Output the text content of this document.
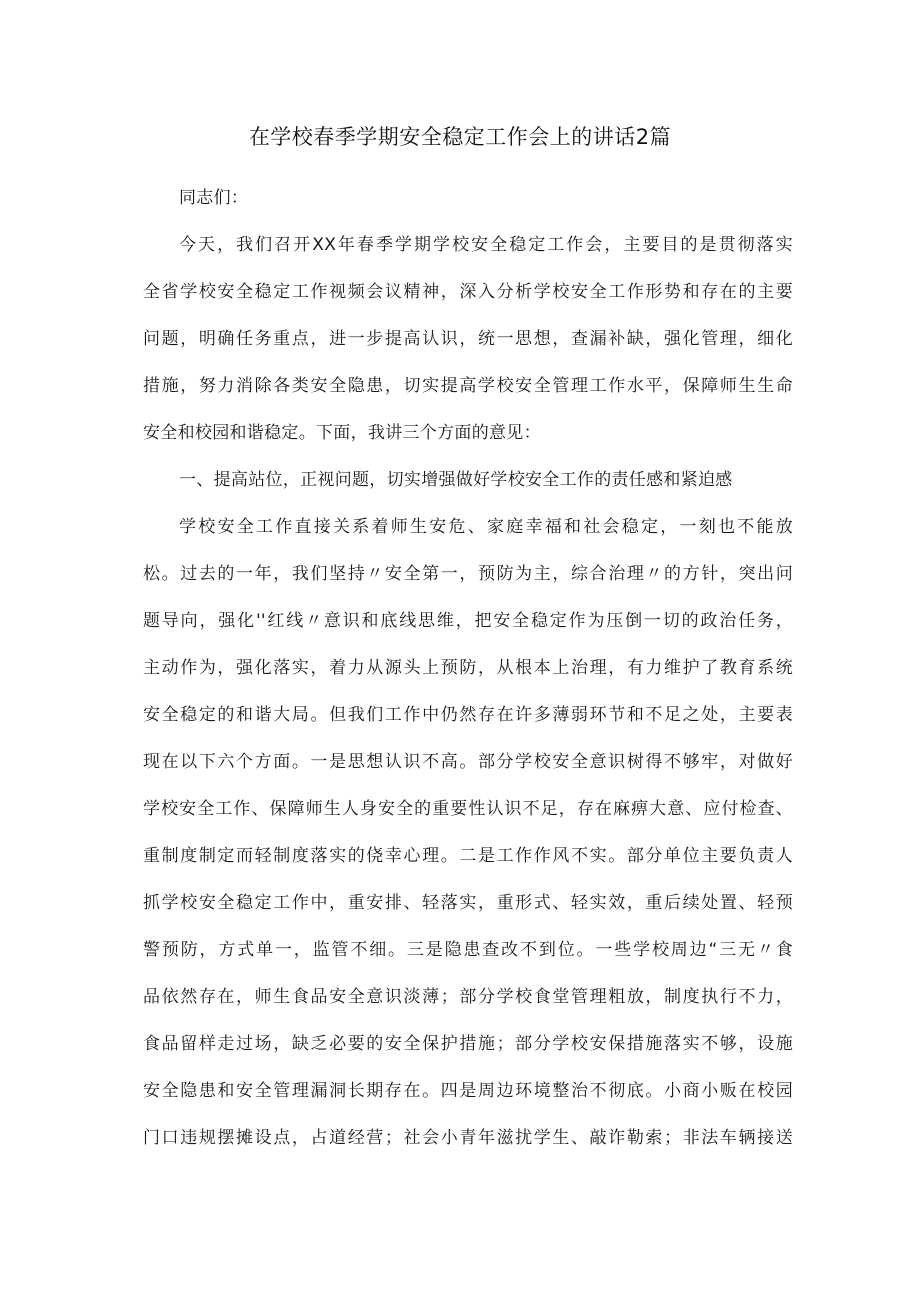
在学校春季学期安全稳定工作会上的讲话2篇
同志们：
今天，我们召开XX年春季学期学校安全稳定工作会，主要目的是贯彻落实
全省学校安全稳定工作视频会议精神，深入分析学校安全工作形势和存在的主要
问题，明确任务重点，进一步提高认识，统一思想，查漏补缺，强化管理，细化
措施，努力消除各类安全隐患，切实提高学校安全管理工作水平，保障师生生命
安全和校园和谐稳定。下面，我讲三个方面的意见：
一、提高站位，正视问题，切实增强做好学校安全工作的责任感和紧迫感
学校安全工作直接关系着师生安危、家庭幸福和社会稳定，一刻也不能放
松。过去的一年，我们坚持〃安全第一，预防为主，综合治理〃的方针，突出问
题导向，强化''红线〃意识和底线思维，把安全稳定作为压倒一切的政治任务，
主动作为，强化落实，着力从源头上预防，从根本上治理，有力维护了教育系统
安全稳定的和谐大局。但我们工作中仍然存在许多薄弱环节和不足之处，主要表
现在以下六个方面。一是思想认识不高。部分学校安全意识树得不够牢，对做好
学校安全工作、保障师生人身安全的重要性认识不足，存在麻痹大意、应付检查、
重制度制定而轻制度落实的侥幸心理。二是工作作风不实。部分单位主要负责人
抓学校安全稳定工作中，重安排、轻落实，重形式、轻实效，重后续处置、轻预
警预防，方式单一，监管不细。三是隐患查改不到位。一些学校周边“三无〃食
品依然存在，师生食品安全意识淡薄；部分学校食堂管理粗放，制度执行不力，
食品留样走过场，缺乏必要的安全保护措施；部分学校安保措施落实不够，设施
安全隐患和安全管理漏洞长期存在。四是周边环境整治不彻底。小商小贩在校园
门口违规摆摊设点，占道经营；社会小青年滋扰学生、敲诈勒索；非法车辆接送
